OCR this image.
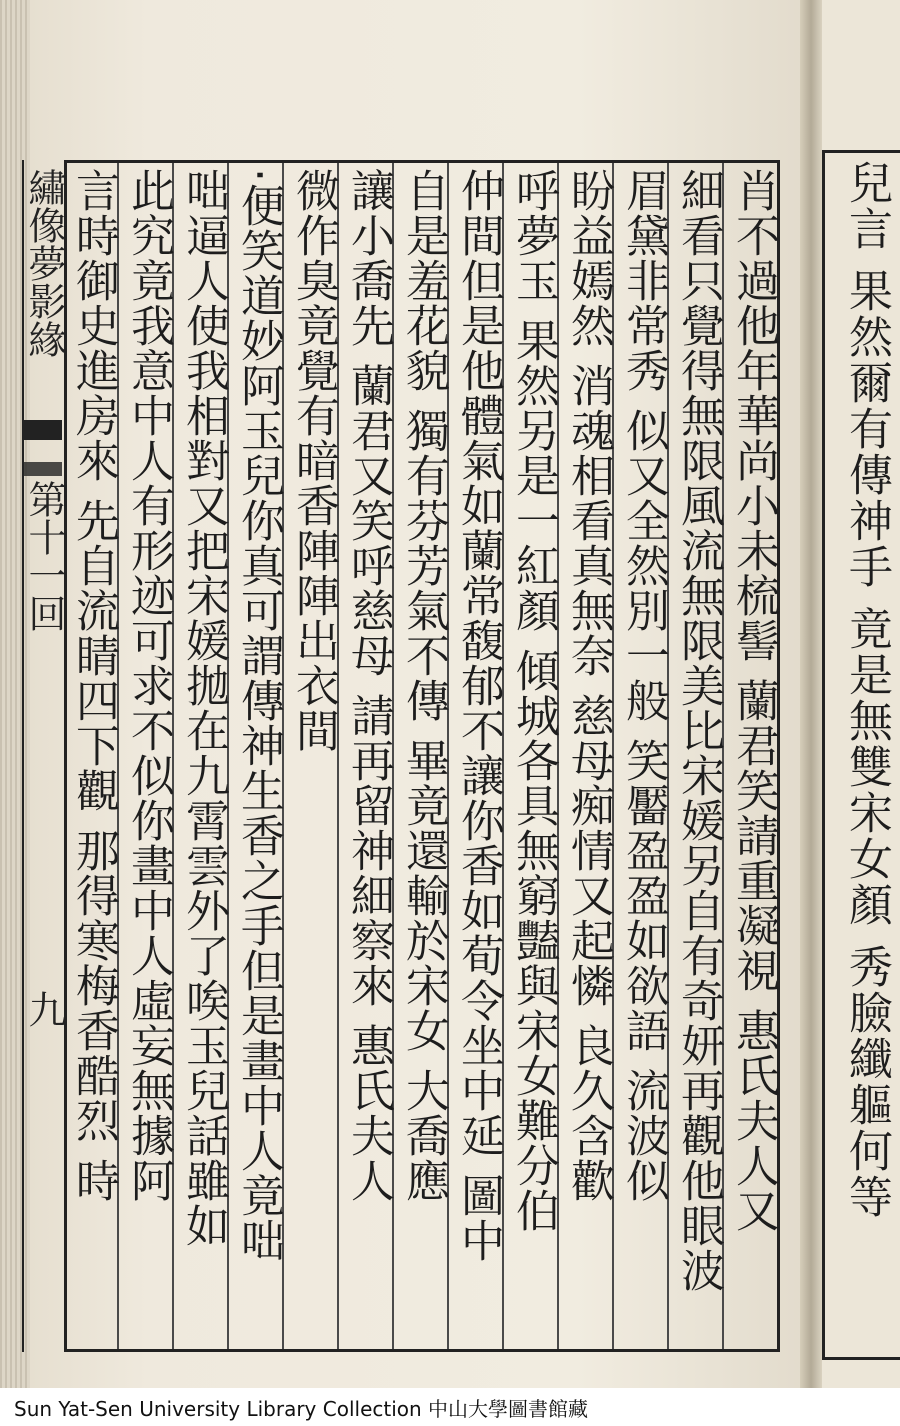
繡像夢影緣
第十一回
九	肖不過他年華尚小未梳髻 蘭君笑請重凝視 惠氏夫人又
細看只覺得無限風流無限美比宋媛另自有奇妍再觀他眼波
眉黛非常秀 似又全然別一般 笑靨盈盈如欲語 流波似
盼益嫣然 消魂相看真無奈 慈母痴情又起憐 良久含歡
呼夢玉 果然另是一紅顏 傾城各具無窮豔與宋女難分伯
仲間但是他體氣如蘭常馥郁不讓你香如荀令坐中延 圖中
自是羞花貌 獨有芬芳氣不傳 畢竟還輸於宋女 大喬應
讓小喬先 蘭君又笑呼慈母 請再留神細察來 惠氏夫人
微作臭竟覺有暗香陣陣出衣間
‧便笑道妙阿玉兒你真可謂傳神生香之手但是畫中人竟咄
咄逼人使我相對又把宋媛拋在九霄雲外了唉玉兒話雖如
此究竟我意中人有形迹可求不似你畫中人虛妄無據阿
言時御史進房來 先自流睛四下觀 那得寒梅香酷烈 時	兒言 果然爾有傳神手 竟是無雙宋女顏 秀臉纖軀何等
Sun Yat-Sen University Library Collection 中山大學圖書館藏
